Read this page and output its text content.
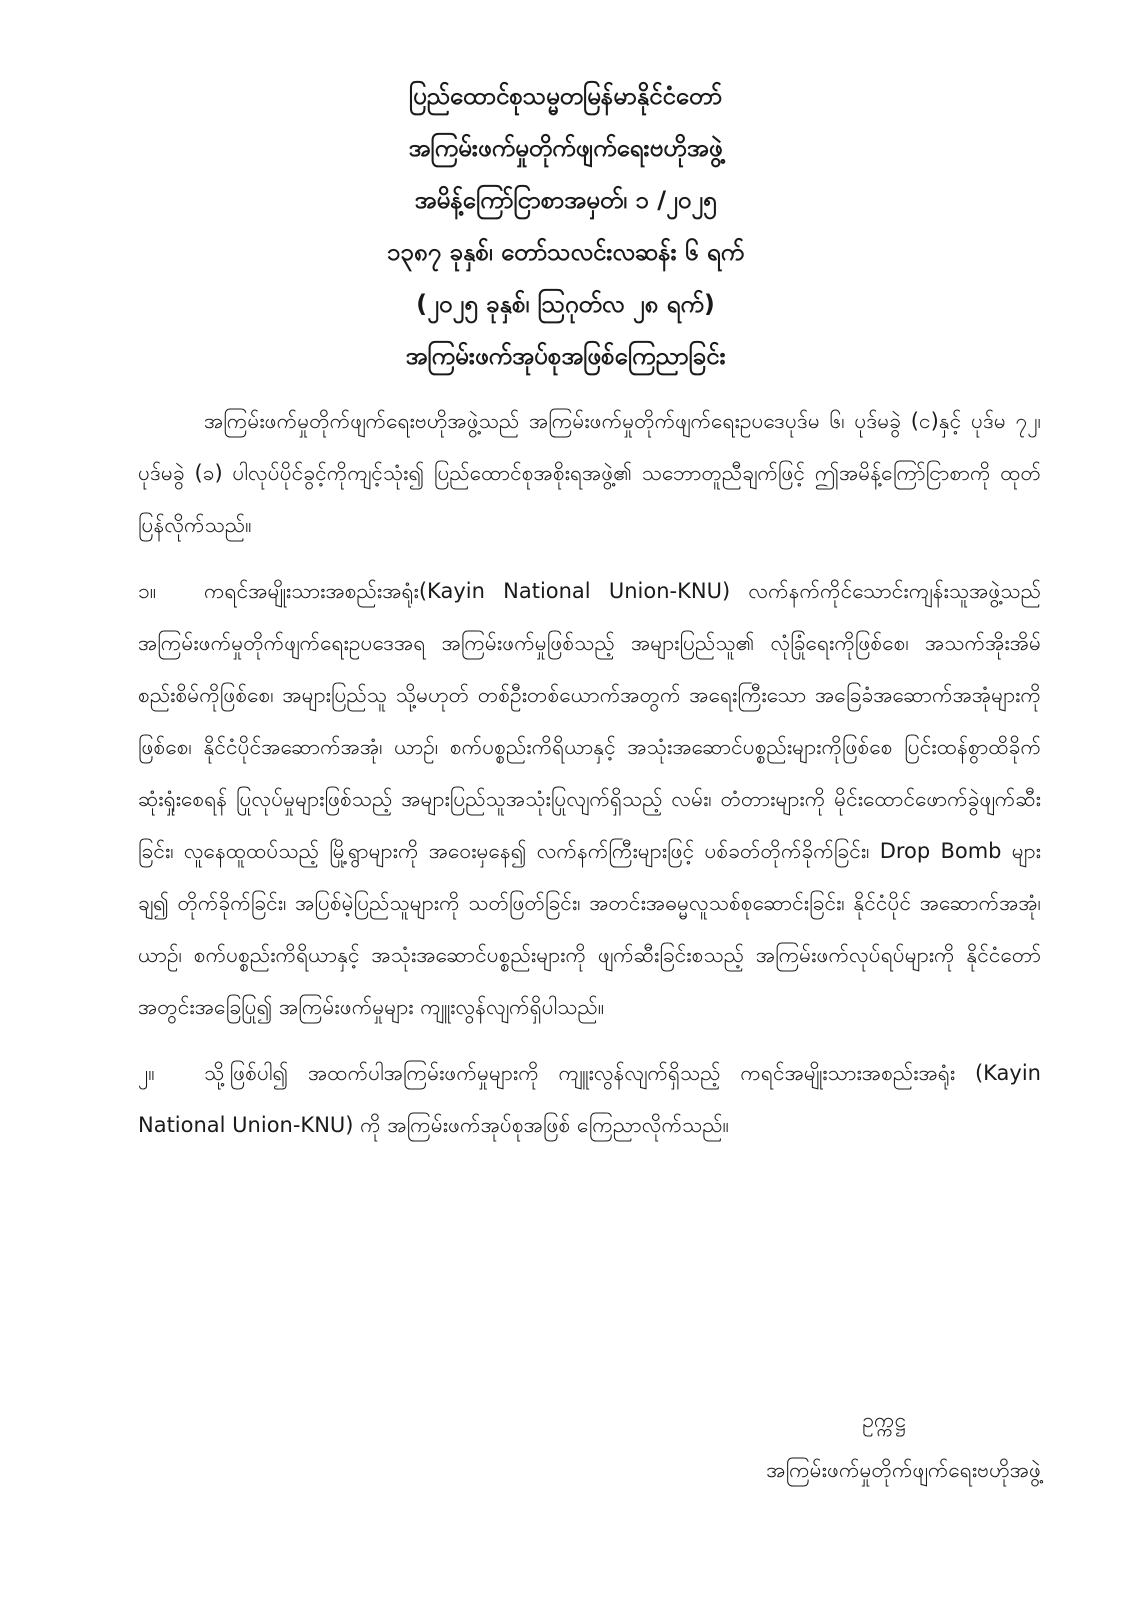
ပြည်ထောင်စုသမ္မတမြန်မာနိုင်ငံတော်
အကြမ်းဖက်မှုတိုက်ဖျက်ရေးဗဟိုအဖွဲ့
အမိန့်ကြော်ငြာစာအမှတ်၊ ၁ /၂၀၂၅
၁၃၈၇ ခုနှစ်၊ တော်သလင်းလဆန်း ၆ ရက်
(၂၀၂၅ ခုနှစ်၊ ဩဂုတ်လ ၂၈ ရက်)
အကြမ်းဖက်အုပ်စုအဖြစ်ကြေညာခြင်း

အကြမ်းဖက်မှုတိုက်ဖျက်ရေးဗဟိုအဖွဲ့သည် အကြမ်းဖက်မှုတိုက်ဖျက်ရေးဥပဒေပုဒ်မ ၆၊ ပုဒ်မခွဲ (င)နှင့် ပုဒ်မ ၇၂၊ ပုဒ်မခွဲ (ခ) ပါလုပ်ပိုင်ခွင့်ကိုကျင့်သုံး၍ ပြည်ထောင်စုအစိုးရအဖွဲ့၏ သဘောတူညီချက်ဖြင့် ဤအမိန့်ကြော်ငြာစာကို ထုတ်ပြန်လိုက်သည်။

၁။ ကရင်အမျိုးသားအစည်းအရုံး(Kayin National Union-KNU) လက်နက်ကိုင်သောင်းကျန်းသူအဖွဲ့သည် အကြမ်းဖက်မှုတိုက်ဖျက်ရေးဥပဒေအရ အကြမ်းဖက်မှုဖြစ်သည့် အများပြည်သူ၏ လုံခြုံရေးကိုဖြစ်စေ၊ အသက်အိုးအိမ်စည်းစိမ်ကိုဖြစ်စေ၊ အများပြည်သူ သို့မဟုတ် တစ်ဦးတစ်ယောက်အတွက် အရေးကြီးသော အခြေခံအဆောက်အအုံများကိုဖြစ်စေ၊ နိုင်ငံပိုင်အဆောက်အအုံ၊ ယာဉ်၊ စက်ပစ္စည်းကိရိယာနှင့် အသုံးအဆောင်ပစ္စည်းများကိုဖြစ်စေ ပြင်းထန်စွာထိခိုက်ဆုံးရှုံးစေရန် ပြုလုပ်မှုများဖြစ်သည့် အများပြည်သူအသုံးပြုလျက်ရှိသည့် လမ်း၊ တံတားများကို မိုင်းထောင်ဖောက်ခွဲဖျက်ဆီးခြင်း၊ လူနေထူထပ်သည့် မြို့ရွာများကို အဝေးမှနေ၍ လက်နက်ကြီးများဖြင့် ပစ်ခတ်တိုက်ခိုက်ခြင်း၊ Drop Bomb များချ၍ တိုက်ခိုက်ခြင်း၊ အပြစ်မဲ့ပြည်သူများကို သတ်ဖြတ်ခြင်း၊ အတင်းအဓမ္မလူသစ်စုဆောင်းခြင်း၊ နိုင်ငံပိုင် အဆောက်အအုံ၊ ယာဉ်၊ စက်ပစ္စည်းကိရိယာနှင့် အသုံးအဆောင်ပစ္စည်းများကို ဖျက်ဆီးခြင်းစသည့် အကြမ်းဖက်လုပ်ရပ်များကို နိုင်ငံတော်အတွင်းအခြေပြု၍ အကြမ်းဖက်မှုများ ကျူးလွန်လျက်ရှိပါသည်။

၂။ သို့ဖြစ်ပါ၍ အထက်ပါအကြမ်းဖက်မှုများကို ကျူးလွန်လျက်ရှိသည့် ကရင်အမျိုးသားအစည်းအရုံး (Kayin National Union-KNU) ကို အကြမ်းဖက်အုပ်စုအဖြစ် ကြေညာလိုက်သည်။

ဥက္ကဋ္ဌ
အကြမ်းဖက်မှုတိုက်ဖျက်ရေးဗဟိုအဖွဲ့
